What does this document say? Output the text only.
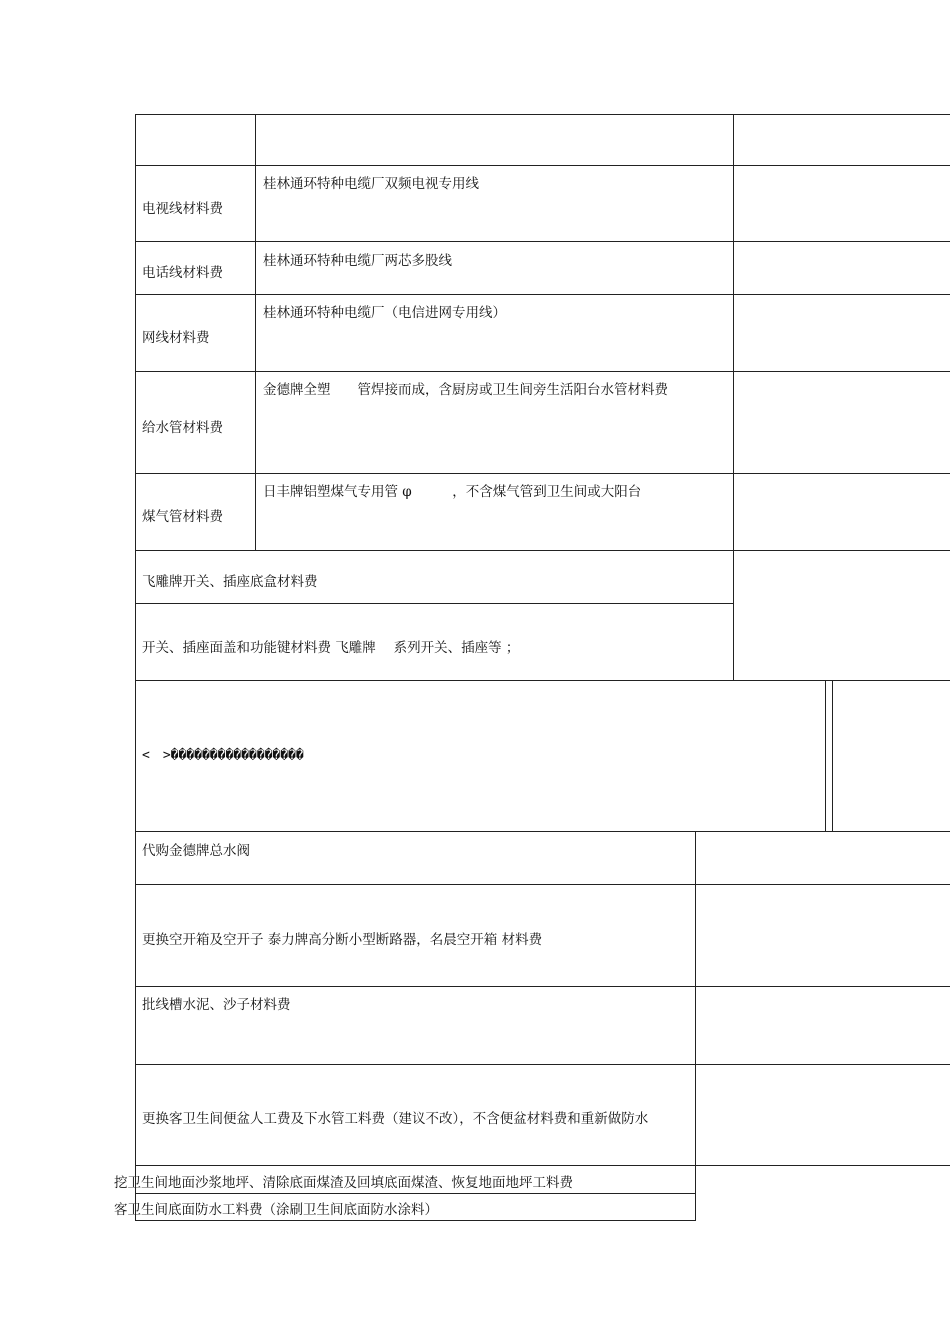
电视线材料费
桂林通环特种电缆厂双频电视专用线
电话线材料费
桂林通环特种电缆厂两芯多股线
网线材料费
桂林通环特种电缆厂（电信进网专用线）
给水管材料费
金德牌全塑　　管焊接而成，含厨房或卫生间旁生活阳台水管材料费
煤气管材料费
日丰牌铝塑煤气专用管 φ　　　，不含煤气管到卫生间或大阳台
飞雕牌开关、插座底盒材料费
开关、插座面盖和功能键材料费 飞雕牌　 系列开关、插座等 ；
<　>�����������������
代购金德牌总水阀
更换空开箱及空开子 泰力牌高分断小型断路器，名晨空开箱 材料费
批线槽水泥、沙子材料费
更换客卫生间便盆人工费及下水管工料费（建议不改），不含便盆材料费和重新做防水
挖卫生间地面沙浆地坪、清除底面煤渣及回填底面煤渣、恢复地面地坪工料费
客卫生间底面防水工料费（涂刷卫生间底面防水涂料）
